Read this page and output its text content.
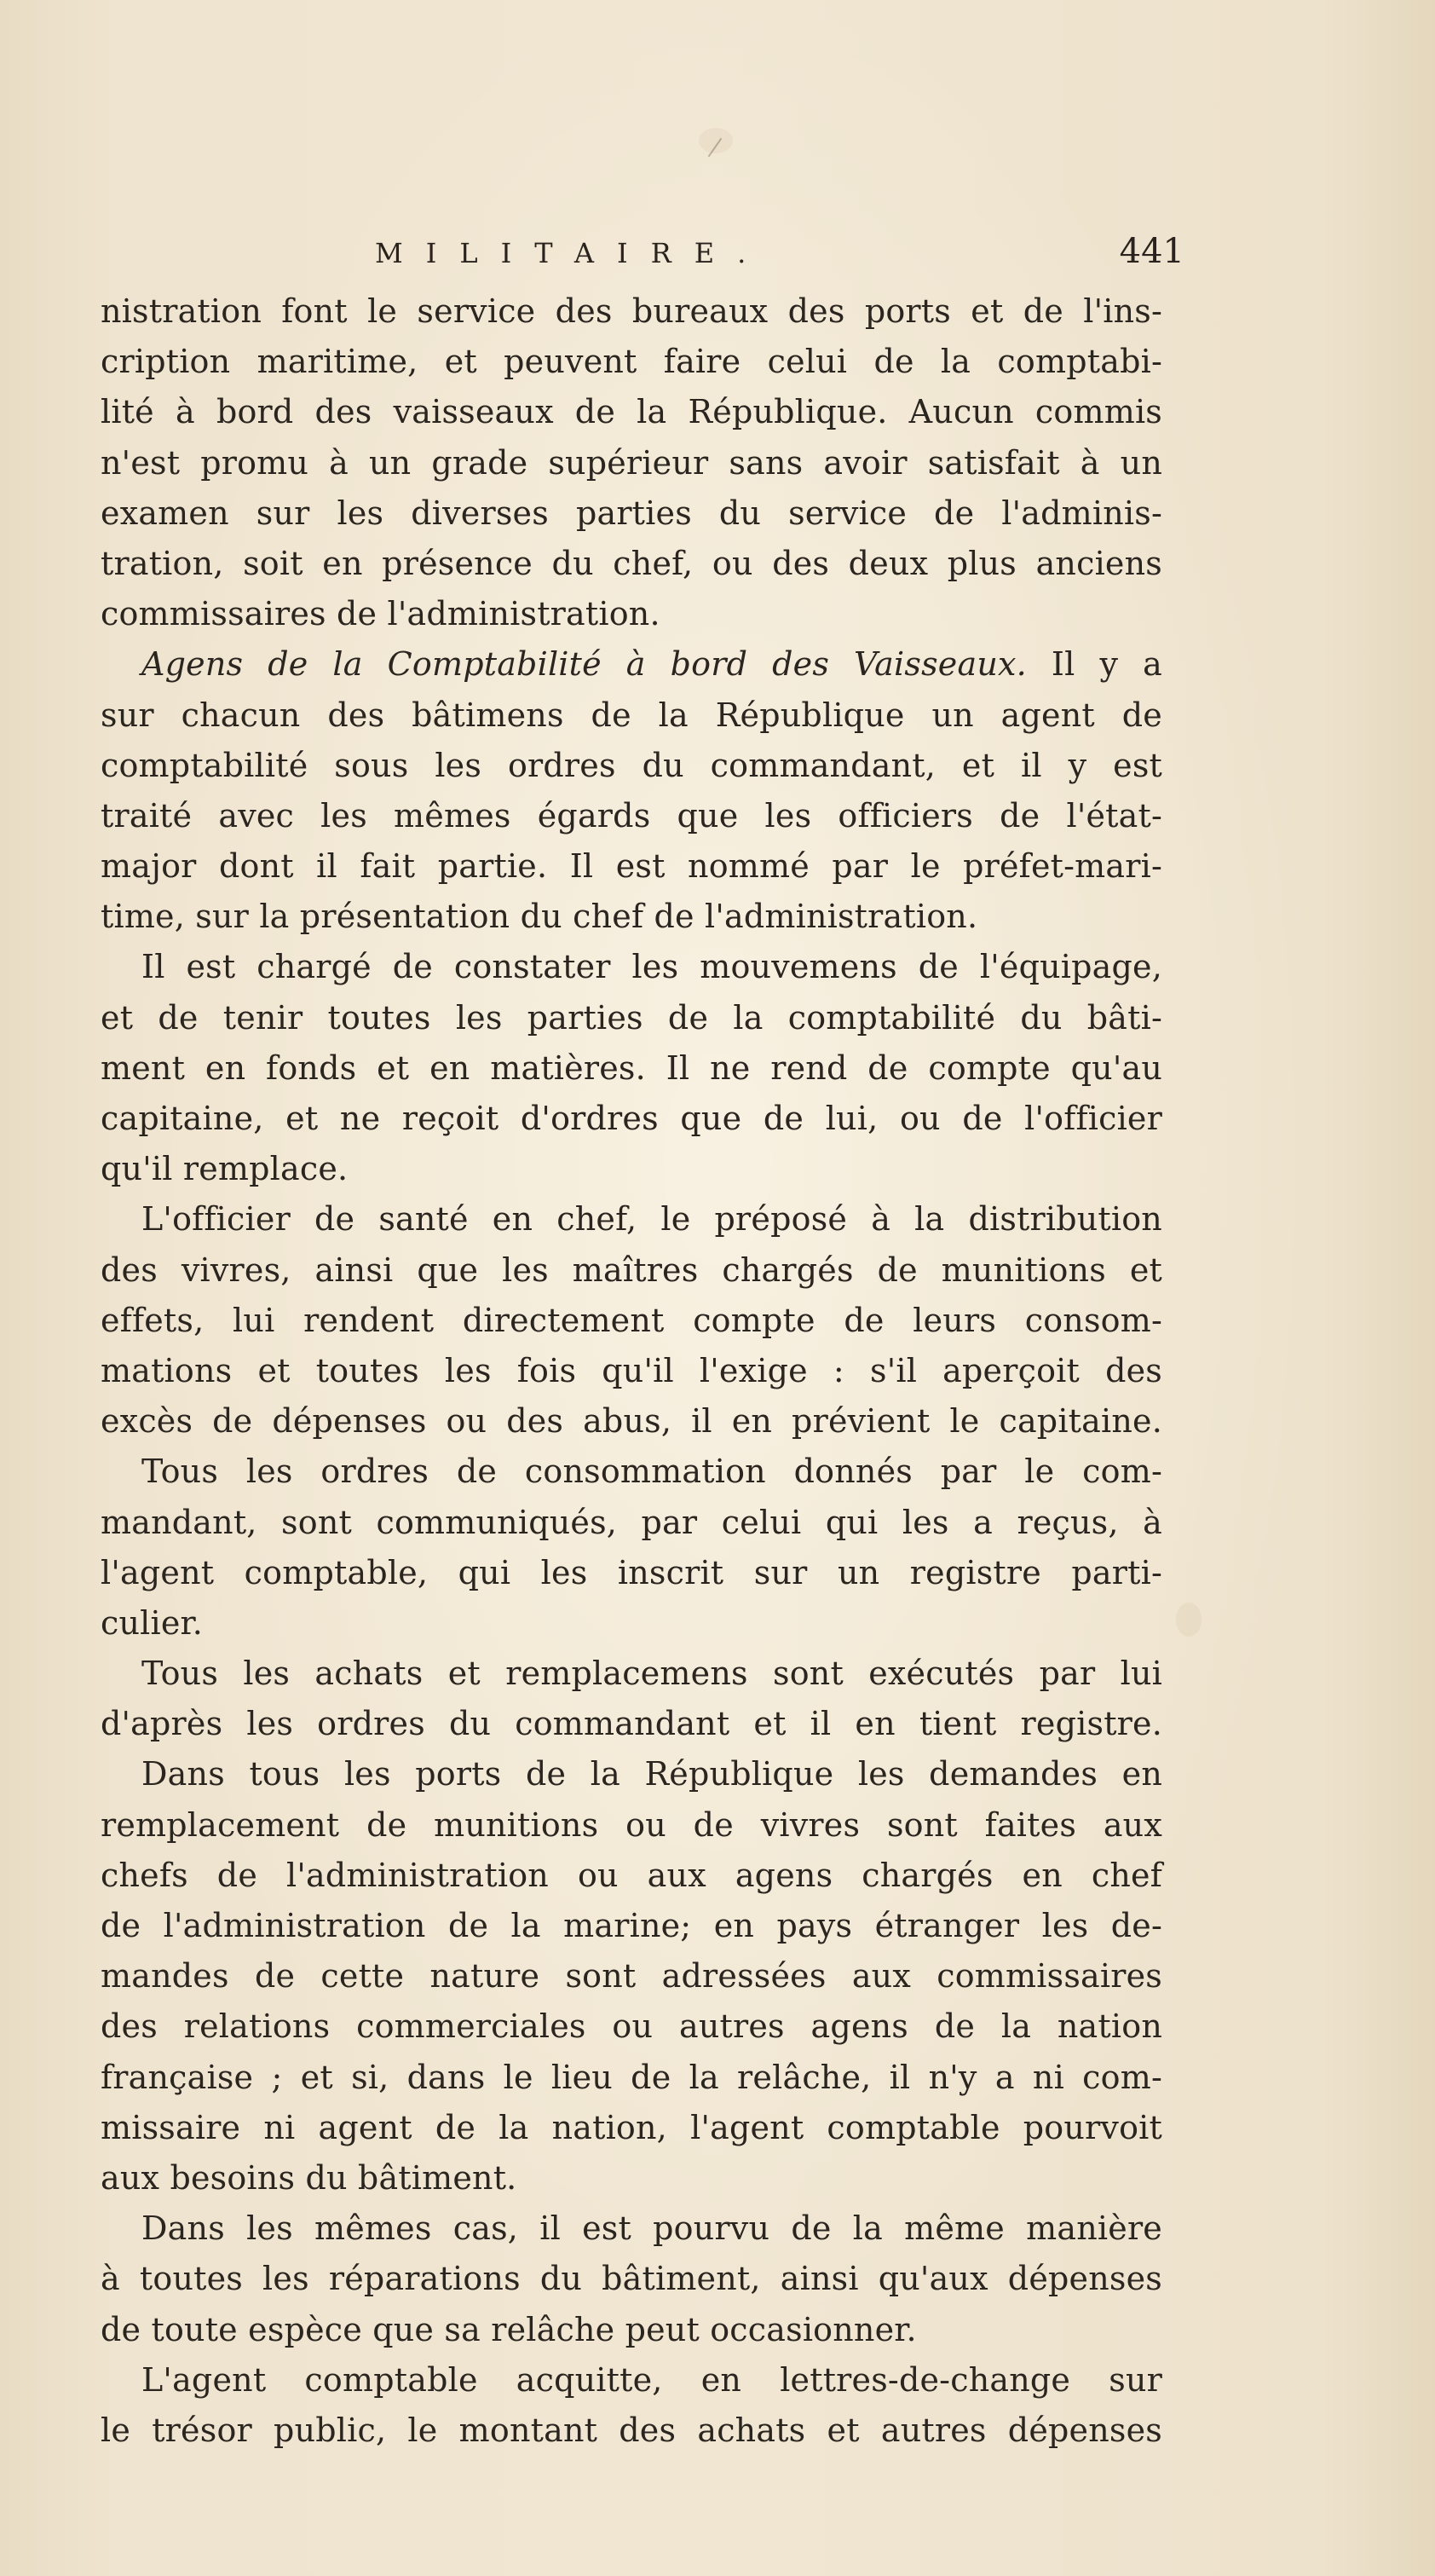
MILITAIRE.	441
nistration font le service des bureaux des ports et de l'ins-
cription maritime, et peuvent faire celui de la comptabi-
lité à bord des vaisseaux de la République. Aucun commis
n'est promu à un grade supérieur sans avoir satisfait à un
examen sur les diverses parties du service de l'adminis-
tration, soit en présence du chef, ou des deux plus anciens
commissaires de l'administration.
Agens de la Comptabilité à bord des Vaisseaux. Il y a
sur chacun des bâtimens de la République un agent de
comptabilité sous les ordres du commandant, et il y est
traité avec les mêmes égards que les officiers de l'état-
major dont il fait partie. Il est nommé par le préfet-mari-
time, sur la présentation du chef de l'administration.
Il est chargé de constater les mouvemens de l'équipage,
et de tenir toutes les parties de la comptabilité du bâti-
ment en fonds et en matières. Il ne rend de compte qu'au
capitaine, et ne reçoit d'ordres que de lui, ou de l'officier
qu'il remplace.
L'officier de santé en chef, le préposé à la distribution
des vivres, ainsi que les maîtres chargés de munitions et
effets, lui rendent directement compte de leurs consom-
mations et toutes les fois qu'il l'exige : s'il aperçoit des
excès de dépenses ou des abus, il en prévient le capitaine.
Tous les ordres de consommation donnés par le com-
mandant, sont communiqués, par celui qui les a reçus, à
l'agent comptable, qui les inscrit sur un registre parti-
culier.
Tous les achats et remplacemens sont exécutés par lui
d'après les ordres du commandant et il en tient registre.
Dans tous les ports de la République les demandes en
remplacement de munitions ou de vivres sont faites aux
chefs de l'administration ou aux agens chargés en chef
de l'administration de la marine; en pays étranger les de-
mandes de cette nature sont adressées aux commissaires
des relations commerciales ou autres agens de la nation
française ; et si, dans le lieu de la relâche, il n'y a ni com-
missaire ni agent de la nation, l'agent comptable pourvoit
aux besoins du bâtiment.
Dans les mêmes cas, il est pourvu de la même manière
à toutes les réparations du bâtiment, ainsi qu'aux dépenses
de toute espèce que sa relâche peut occasionner.
L'agent comptable acquitte, en lettres-de-change sur
le trésor public, le montant des achats et autres dépenses
